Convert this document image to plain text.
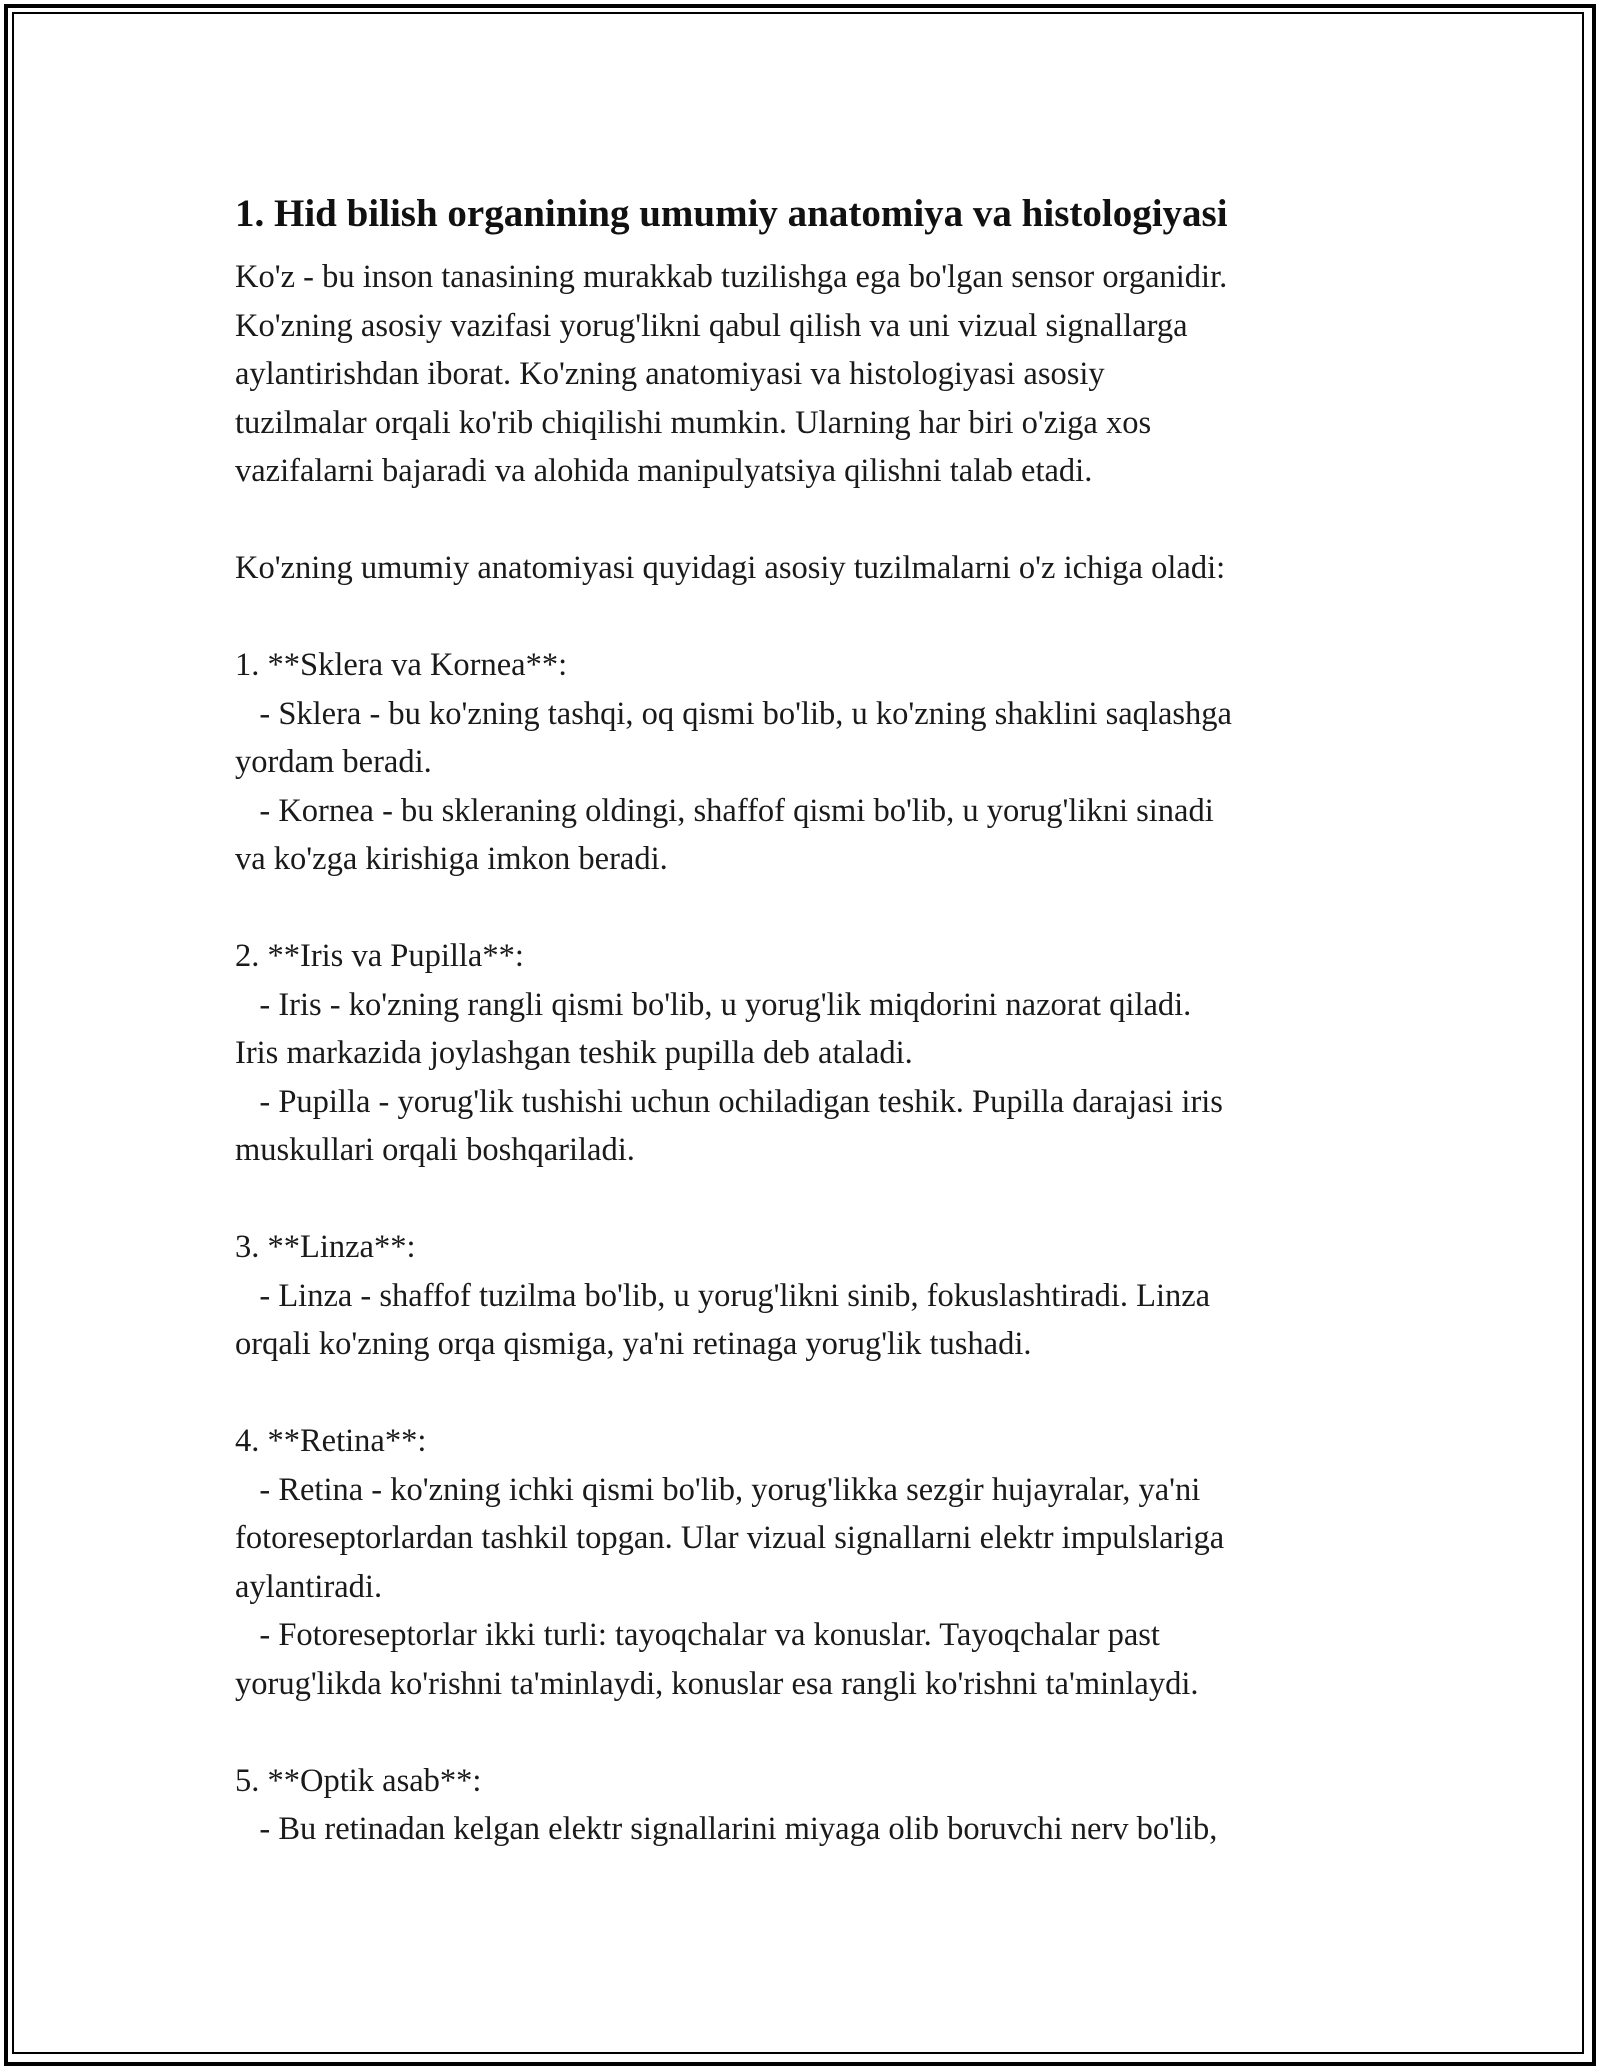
1. Hid bilish organining umumiy anatomiya va histologiyasi
Ko'z - bu inson tanasining murakkab tuzilishga ega bo'lgan sensor organidir.
Ko'zning asosiy vazifasi yorug'likni qabul qilish va uni vizual signallarga
aylantirishdan iborat. Ko'zning anatomiyasi va histologiyasi asosiy
tuzilmalar orqali ko'rib chiqilishi mumkin. Ularning har biri o'ziga xos
vazifalarni bajaradi va alohida manipulyatsiya qilishni talab etadi.
Ko'zning umumiy anatomiyasi quyidagi asosiy tuzilmalarni o'z ichiga oladi:
1. **Sklera va Kornea**:
- Sklera - bu ko'zning tashqi, oq qismi bo'lib, u ko'zning shaklini saqlashga
yordam beradi.
- Kornea - bu skleraning oldingi, shaffof qismi bo'lib, u yorug'likni sinadi
va ko'zga kirishiga imkon beradi.
2. **Iris va Pupilla**:
- Iris - ko'zning rangli qismi bo'lib, u yorug'lik miqdorini nazorat qiladi.
Iris markazida joylashgan teshik pupilla deb ataladi.
- Pupilla - yorug'lik tushishi uchun ochiladigan teshik. Pupilla darajasi iris
muskullari orqali boshqariladi.
3. **Linza**:
- Linza - shaffof tuzilma bo'lib, u yorug'likni sinib, fokuslashtiradi. Linza
orqali ko'zning orqa qismiga, ya'ni retinaga yorug'lik tushadi.
4. **Retina**:
- Retina - ko'zning ichki qismi bo'lib, yorug'likka sezgir hujayralar, ya'ni
fotoreseptorlardan tashkil topgan. Ular vizual signallarni elektr impulslariga
aylantiradi.
- Fotoreseptorlar ikki turli: tayoqchalar va konuslar. Tayoqchalar past
yorug'likda ko'rishni ta'minlaydi, konuslar esa rangli ko'rishni ta'minlaydi.
5. **Optik asab**:
- Bu retinadan kelgan elektr signallarini miyaga olib boruvchi nerv bo'lib,
